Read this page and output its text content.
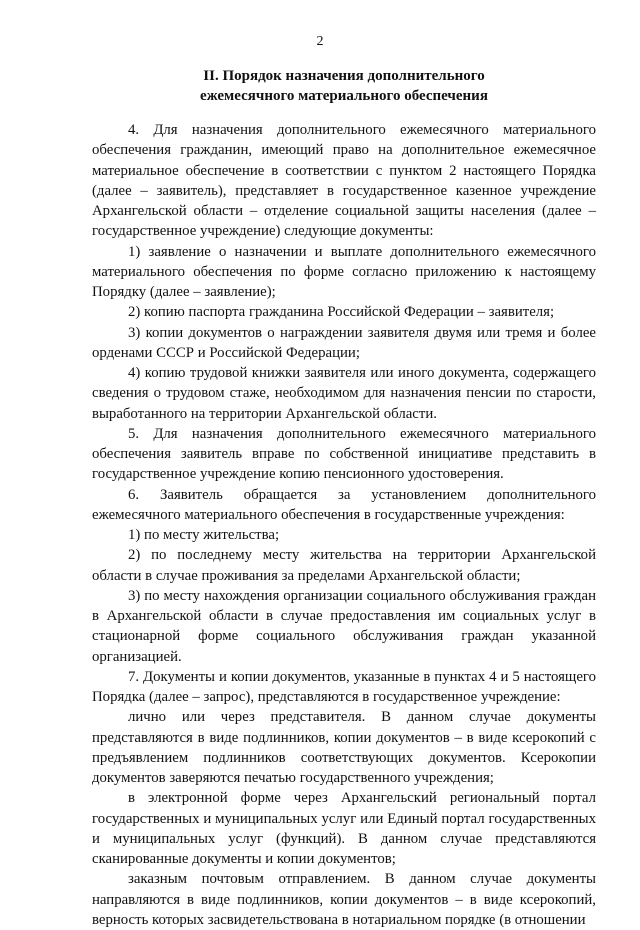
2
II. Порядок назначения дополнительного
ежемесячного материального обеспечения

4. Для назначения дополнительного ежемесячного материального обеспечения гражданин, имеющий право на дополнительное ежемесячное материальное обеспечение в соответствии с пунктом 2 настоящего Порядка (далее – заявитель), представляет в государственное казенное учреждение Архангельской области – отделение социальной защиты населения (далее – государственное учреждение) следующие документы:

1) заявление о назначении и выплате дополнительного ежемесячного материального обеспечения по форме согласно приложению к настоящему Порядку (далее – заявление);

2) копию паспорта гражданина Российской Федерации – заявителя;

3) копии документов о награждении заявителя двумя или тремя и более орденами СССР и Российской Федерации;

4) копию трудовой книжки заявителя или иного документа, содержащего сведения о трудовом стаже, необходимом для назначения пенсии по старости, выработанного на территории Архангельской области.

5. Для назначения дополнительного ежемесячного материального обеспечения заявитель вправе по собственной инициативе представить в государственное учреждение копию пенсионного удостоверения.

6. Заявитель обращается за установлением дополнительного ежемесячного материального обеспечения в государственные учреждения:

1) по месту жительства;

2) по последнему месту жительства на территории Архангельской области в случае проживания за пределами Архангельской области;

3) по месту нахождения организации социального обслуживания граждан в Архангельской области в случае предоставления им социальных услуг в стационарной форме социального обслуживания граждан указанной организацией.

7. Документы и копии документов, указанные в пунктах 4 и 5 настоящего Порядка (далее – запрос), представляются в государственное учреждение:

лично или через представителя. В данном случае документы представляются в виде подлинников, копии документов – в виде ксерокопий с предъявлением подлинников соответствующих документов. Ксерокопии документов заверяются печатью государственного учреждения;

в электронной форме через Архангельский региональный портал государственных и муниципальных услуг или Единый портал государственных и муниципальных услуг (функций). В данном случае представляются сканированные документы и копии документов;

заказным почтовым отправлением. В данном случае документы направляются в виде подлинников, копии документов – в виде ксерокопий, верность которых засвидетельствована в нотариальном порядке (в отношении
